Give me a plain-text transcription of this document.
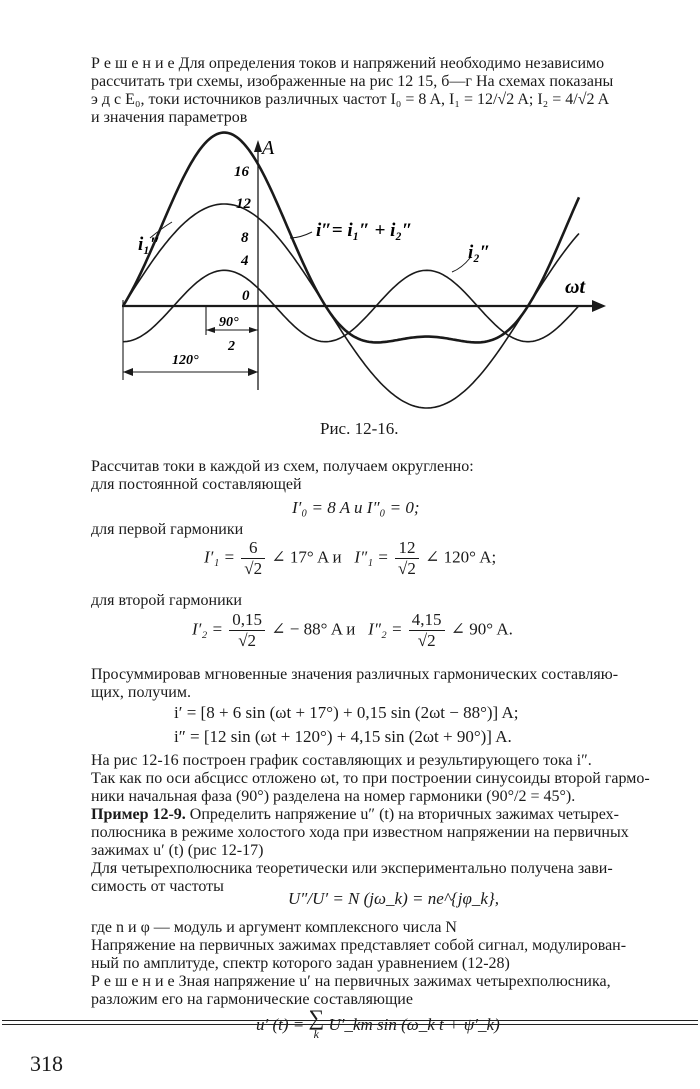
Р е ш е н и е Для определения токов и напряжений необходимо независимо
рассчитать три схемы, изображенные на рис 12 15, б—г На схемах показаны
э д с E₀, токи источников различных частот I₀ = 8 A, I₁ = 12/√2 A; I₂ = 4/√2 A
и значения параметров
A
ωt
16
12
8
4
0
i₁″	i₂″
i″= i₁″ + i₂″
90°
2
120°
Рис. 12-16.
Рассчитав токи в каждой из схем, получаем округленно:
для постоянной составляющей
I′₀ = 8 A и I″₀ = 0;
для первой гармоники
$I'_1 = \frac{6}{√2}$ ∠ 17° A и $I''_1 = \frac{12}{√2}$ ∠ 120° A;
для второй гармоники
$I'_2 = \frac{0,15}{√2}$ ∠ − 88° A и $I''_2 = \frac{4,15}{√2}$ ∠ 90° A.
Просуммировав мгновенные значения различных гармонических составляю-
щих, получим.
i′ = [8 + 6 sin (ωt + 17°) + 0,15 sin (2ωt − 88°)] A;
i″ = [12 sin (ωt + 120°) + 4,15 sin (2ωt + 90°)] A.
На рис 12-16 построен график составляющих и результирующего тока i″.
Так как по оси абсцисс отложено ωt, то при построении синусоиды второй гармо-
ники начальная фаза (90°) разделена на номер гармоники (90°/2 = 45°).
Пример 12-9. Определить напряжение u″ (t) на вторичных зажимах четырех-
полюсника в режиме холостого хода при известном напряжении на первичных
зажимах u′ (t) (рис 12-17)
Для четырехполюсника теоретически или экспериментально получена зави-
симость от частоты
U″/U′ = N (jω_k) = ne^{jφ_k},
где n и φ — модуль и аргумент комплексного числа N
Напряжение на первичных зажимах представляет собой сигнал, модулирован-
ный по амплитуде, спектр которого задан уравнением (12-28)
Р е ш е н и е Зная напряжение u′ на первичных зажимах четырехполюсника,
разложим его на гармонические составляющие
u′ (t) = ∑
k
U′_km sin (ω_k t + ψ′_k)
318
